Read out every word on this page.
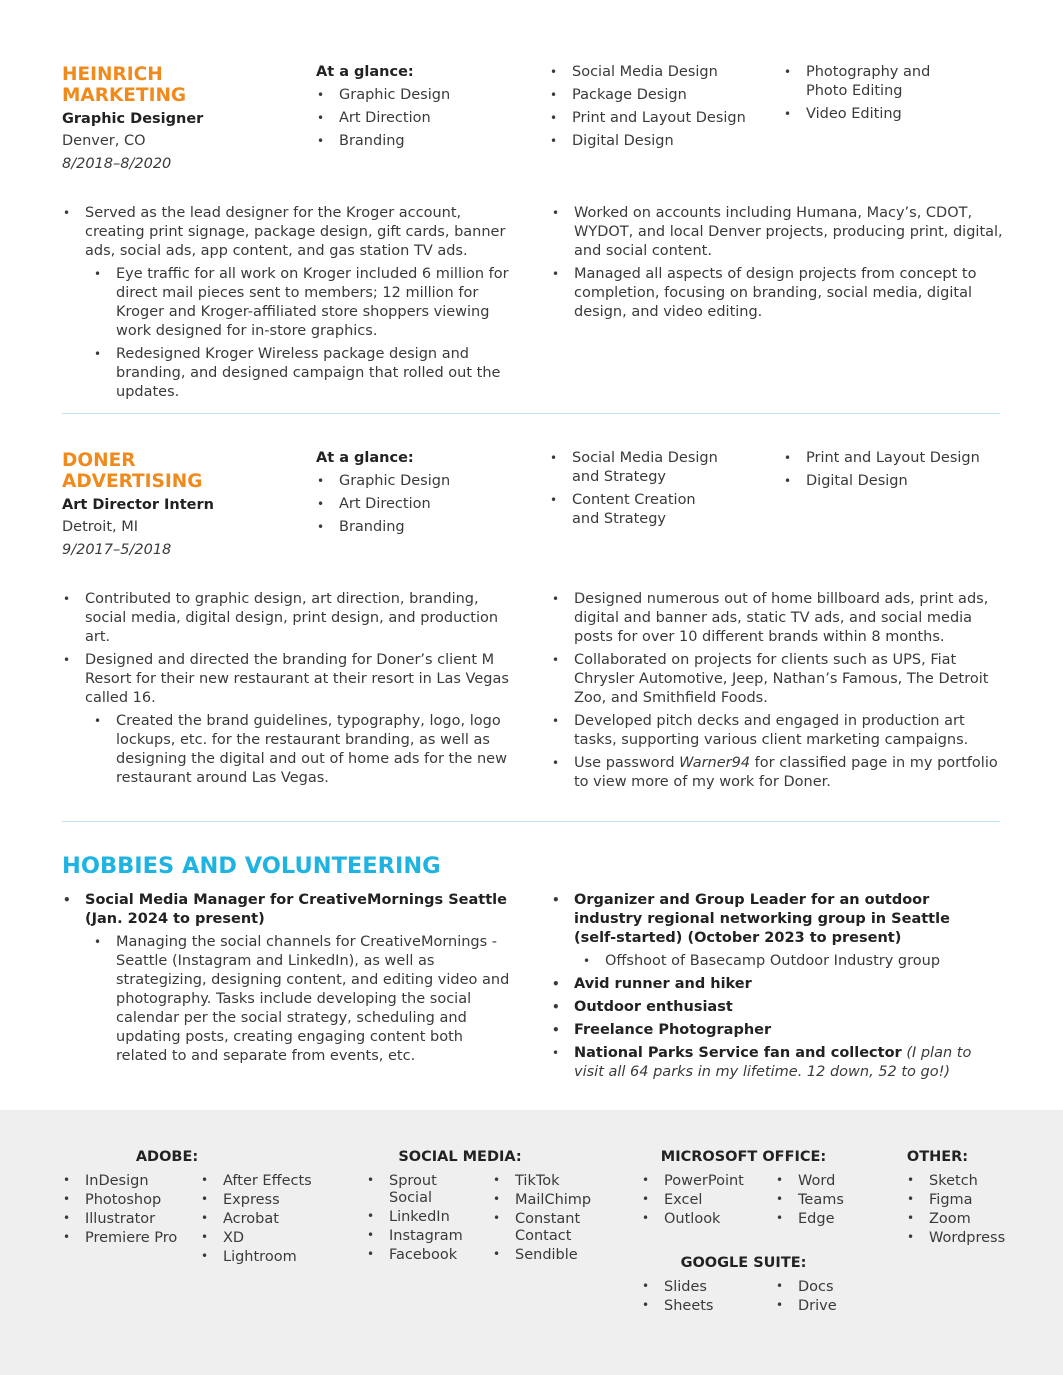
HEINRICH
MARKETING
Graphic Designer
Denver, CO
8/2018–8/2020
At a glance:
• Graphic Design
• Art Direction
• Branding
• Social Media Design
• Package Design
• Print and Layout Design
• Digital Design
• Photography and Photo Editing
• Video Editing
• Served as the lead designer for the Kroger account, creating print signage, package design, gift cards, banner ads, social ads, app content, and gas station TV ads.
• Eye traffic for all work on Kroger included 6 million for direct mail pieces sent to members; 12 million for Kroger and Kroger-affiliated store shoppers viewing work designed for in-store graphics.
• Redesigned Kroger Wireless package design and branding, and designed campaign that rolled out the updates.
• Worked on accounts including Humana, Macy’s, CDOT, WYDOT, and local Denver projects, producing print, digital, and social content.
• Managed all aspects of design projects from concept to completion, focusing on branding, social media, digital design, and video editing.
DONER
ADVERTISING
Art Director Intern
Detroit, MI
9/2017–5/2018
At a glance:
• Graphic Design
• Art Direction
• Branding
• Social Media Design and Strategy
• Content Creation and Strategy
• Print and Layout Design
• Digital Design
• Contributed to graphic design, art direction, branding, social media, digital design, print design, and production art.
• Designed and directed the branding for Doner’s client M Resort for their new restaurant at their resort in Las Vegas called 16.
• Created the brand guidelines, typography, logo, logo lockups, etc. for the restaurant branding, as well as designing the digital and out of home ads for the new restaurant around Las Vegas.
• Designed numerous out of home billboard ads, print ads, digital and banner ads, static TV ads, and social media posts for over 10 different brands within 8 months.
• Collaborated on projects for clients such as UPS, Fiat Chrysler Automotive, Jeep, Nathan’s Famous, The Detroit Zoo, and Smithfield Foods.
• Developed pitch decks and engaged in production art tasks, supporting various client marketing campaigns.
• Use password Warner94 for classified page in my portfolio to view more of my work for Doner.
HOBBIES AND VOLUNTEERING
• Social Media Manager for CreativeMornings Seattle (Jan. 2024 to present)
• Managing the social channels for CreativeMornings - Seattle (Instagram and LinkedIn), as well as strategizing, designing content, and editing video and photography. Tasks include developing the social calendar per the social strategy, scheduling and updating posts, creating engaging content both related to and separate from events, etc.
• Organizer and Group Leader for an outdoor industry regional networking group in Seattle (self-started) (October 2023 to present)
• Offshoot of Basecamp Outdoor Industry group
• Avid runner and hiker
• Outdoor enthusiast
• Freelance Photographer
• National Parks Service fan and collector (I plan to visit all 64 parks in my lifetime. 12 down, 52 to go!)
ADOBE:
• InDesign
• Photoshop
• Illustrator
• Premiere Pro
• After Effects
• Express
• Acrobat
• XD
• Lightroom
SOCIAL MEDIA:
• Sprout Social
• LinkedIn
• Instagram
• Facebook
• TikTok
• MailChimp
• Constant Contact
• Sendible
MICROSOFT OFFICE:
• PowerPoint
• Excel
• Outlook
• Word
• Teams
• Edge
GOOGLE SUITE:
• Slides
• Sheets
• Docs
• Drive
OTHER:
• Sketch
• Figma
• Zoom
• Wordpress
